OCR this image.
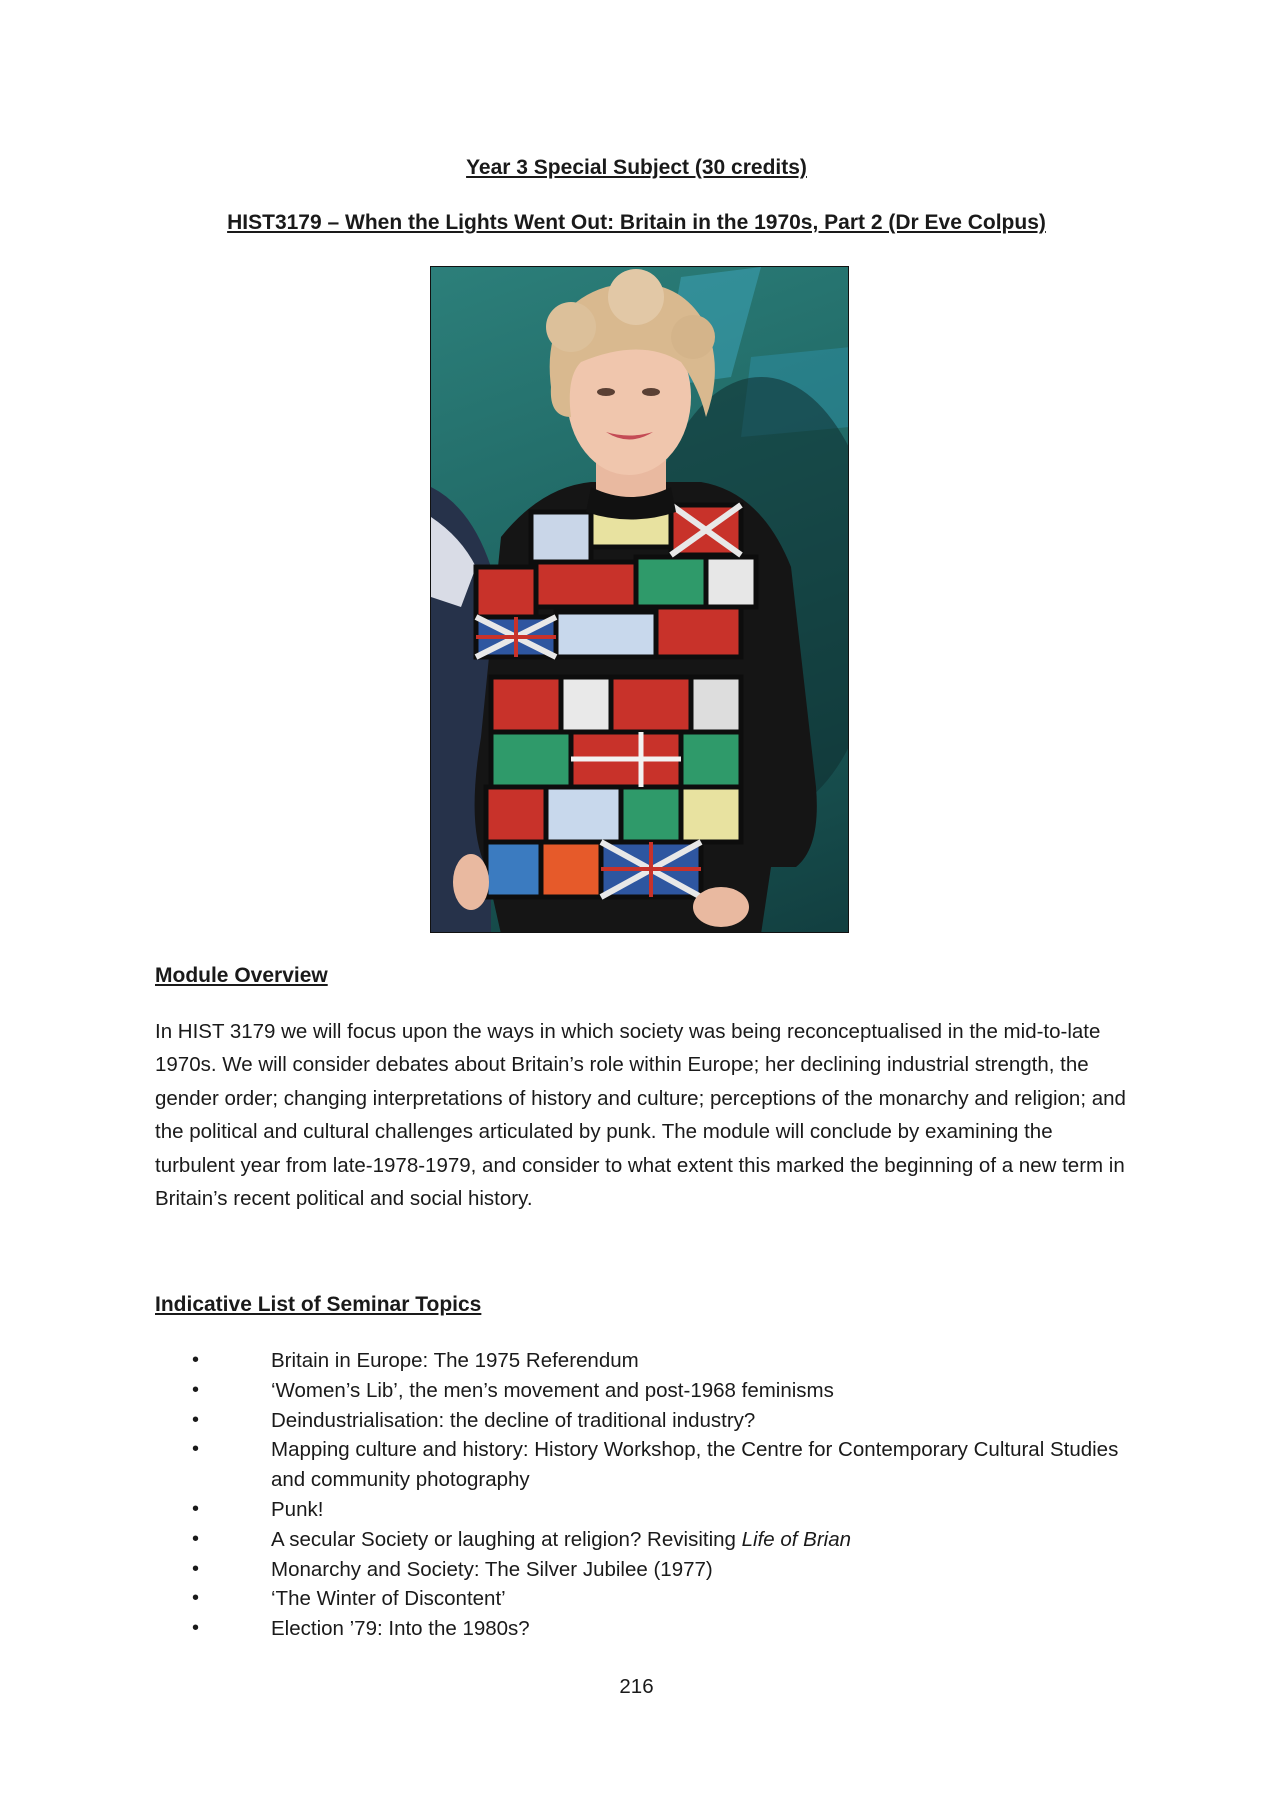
Year 3 Special Subject (30 credits)
HIST3179 – When the Lights Went Out: Britain in the 1970s, Part 2 (Dr Eve Colpus)
Module Overview

In HIST 3179 we will focus upon the ways in which society was being reconceptualised in the mid-to-late 1970s. We will consider debates about Britain’s role within Europe; her declining industrial strength, the gender order; changing interpretations of history and culture; perceptions of the monarchy and religion; and the political and cultural challenges articulated by punk. The module will conclude by examining the turbulent year from late-1978-1979, and consider to what extent this marked the beginning of a new term in Britain’s recent political and social history.

Indicative List of Seminar Topics
•	Britain in Europe: The 1975 Referendum
•	‘Women’s Lib’, the men’s movement and post-1968 feminisms
•	Deindustrialisation: the decline of traditional industry?
•	Mapping culture and history: History Workshop, the Centre for Contemporary Cultural Studies and community photography
•	Punk!
•	A secular Society or laughing at religion? Revisiting Life of Brian
•	Monarchy and Society: The Silver Jubilee (1977)
•	‘The Winter of Discontent’
•	Election ’79: Into the 1980s?
216
